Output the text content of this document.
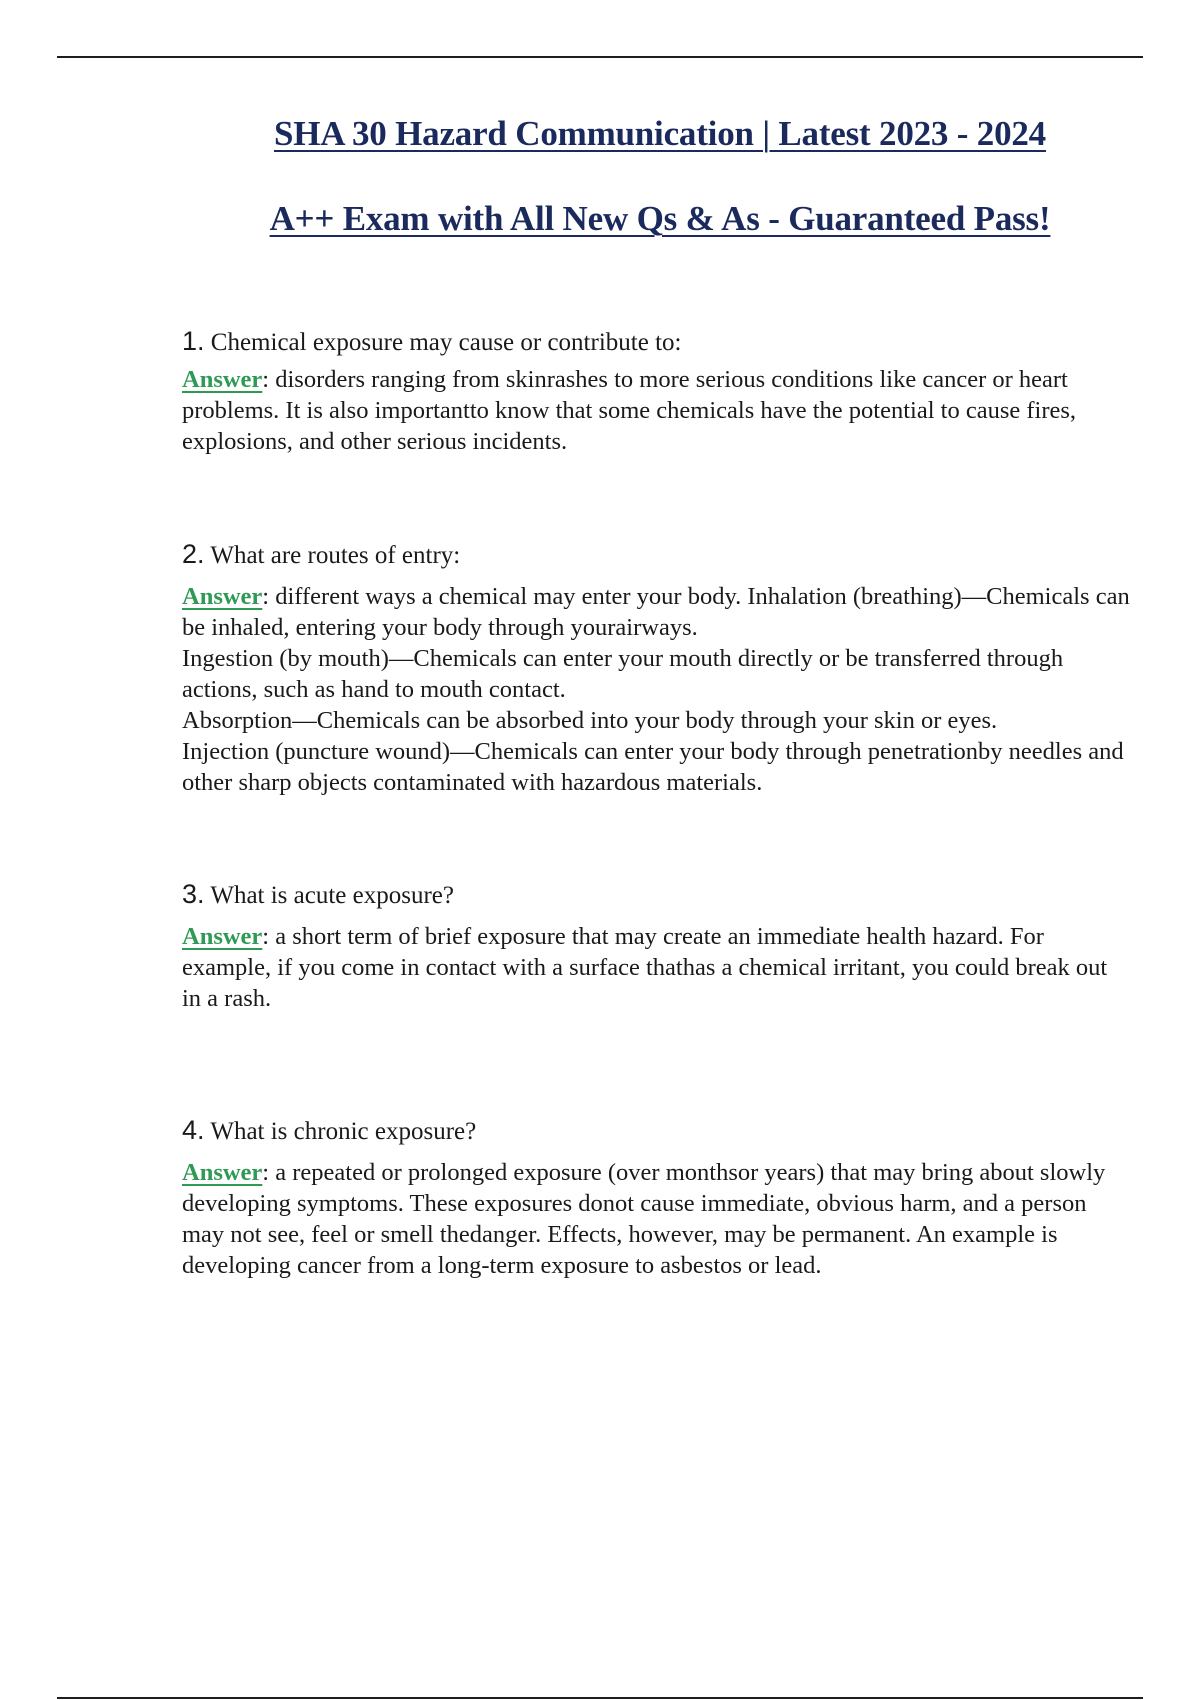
SHA 30 Hazard Communication | Latest 2023 - 2024
A++ Exam with All New Qs & As - Guaranteed Pass!

1. Chemical exposure may cause or contribute to:

Answer: disorders ranging from skinrashes to more serious conditions like cancer or heart problems. It is also importantto know that some chemicals have the potential to cause fires, explosions, and other serious incidents.

2. What are routes of entry:

Answer: different ways a chemical may enter your body. Inhalation (breathing)—Chemicals can be inhaled, entering your body through yourairways.
Ingestion (by mouth)—Chemicals can enter your mouth directly or be transferred through actions, such as hand to mouth contact.
Absorption—Chemicals can be absorbed into your body through your skin or eyes.
Injection (puncture wound)—Chemicals can enter your body through penetrationby needles and other sharp objects contaminated with hazardous materials.

3. What is acute exposure?

Answer: a short term of brief exposure that may create an immediate health hazard. For example, if you come in contact with a surface thathas a chemical irritant, you could break out in a rash.

4. What is chronic exposure?

Answer: a repeated or prolonged exposure (over monthsor years) that may bring about slowly developing symptoms. These exposures donot cause immediate, obvious harm, and a person may not see, feel or smell thedanger. Effects, however, may be permanent. An example is developing cancer from a long-term exposure to asbestos or lead.
